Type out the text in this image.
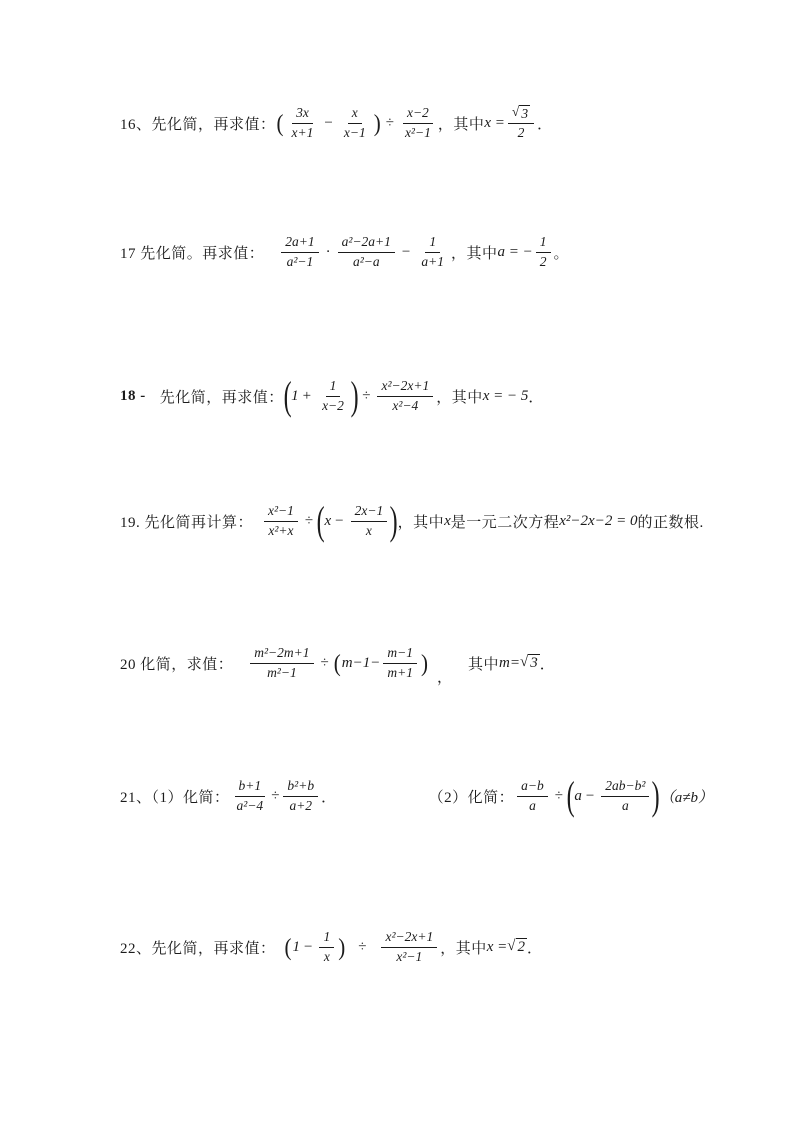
16、先化简，再求值： ( $\frac{3x}{x+1} - \frac{x}{x-1}$ ) ÷ $\frac{x-2}{\text{x²−1}}$ ，其中 $x = \frac{√ 3}{2}$ ．
17 先化简。再求值： $\frac{2a+1}{\text{a²−1}} \cdot \frac{\text{a²−2a+1}}{\text{a²−a}} - \frac{1}{a+1}$ ，其中 a = − $\frac{1}{2}$ 。
18 - 先化简，再求值： ( $1 + \frac{1}{x-2}$ ) ÷ $\frac{\text{x²−2x+1}}{\text{x²−4}}$ ，其中 x = − 5 ．
19. 先化简再计算： $\frac{\text{x²−1}}{\text{x²+x}}$ ÷ ( $x - \frac{2x-1}{x}$ ) ，其中 x 是一元二次方程 x²−2x−2 = 0 的正数根.
20 化简，求值： $\frac{\text{m²−2m+1}}{\text{m²−1}}$ ÷ ( $m-1- \frac{m-1}{m+1}$ )
，
其中 m= √ 3 ．
21、（1）化简： $\frac{b+1}{\text{a²−4}} \div \frac{\text{b²+b}}{a+2}$ ．	（2）化简： $\frac{a-b}{a}$ ÷ ( $a - \frac{\text{2ab−b²}}{a}$ ) （a≠b）
22、先化简，再求值： ( $1 - \frac{1}{x}$ ) ÷ $\frac{\text{x²−2x+1}}{\text{x²−1}}$ ，其中 x = √ 2 ．
